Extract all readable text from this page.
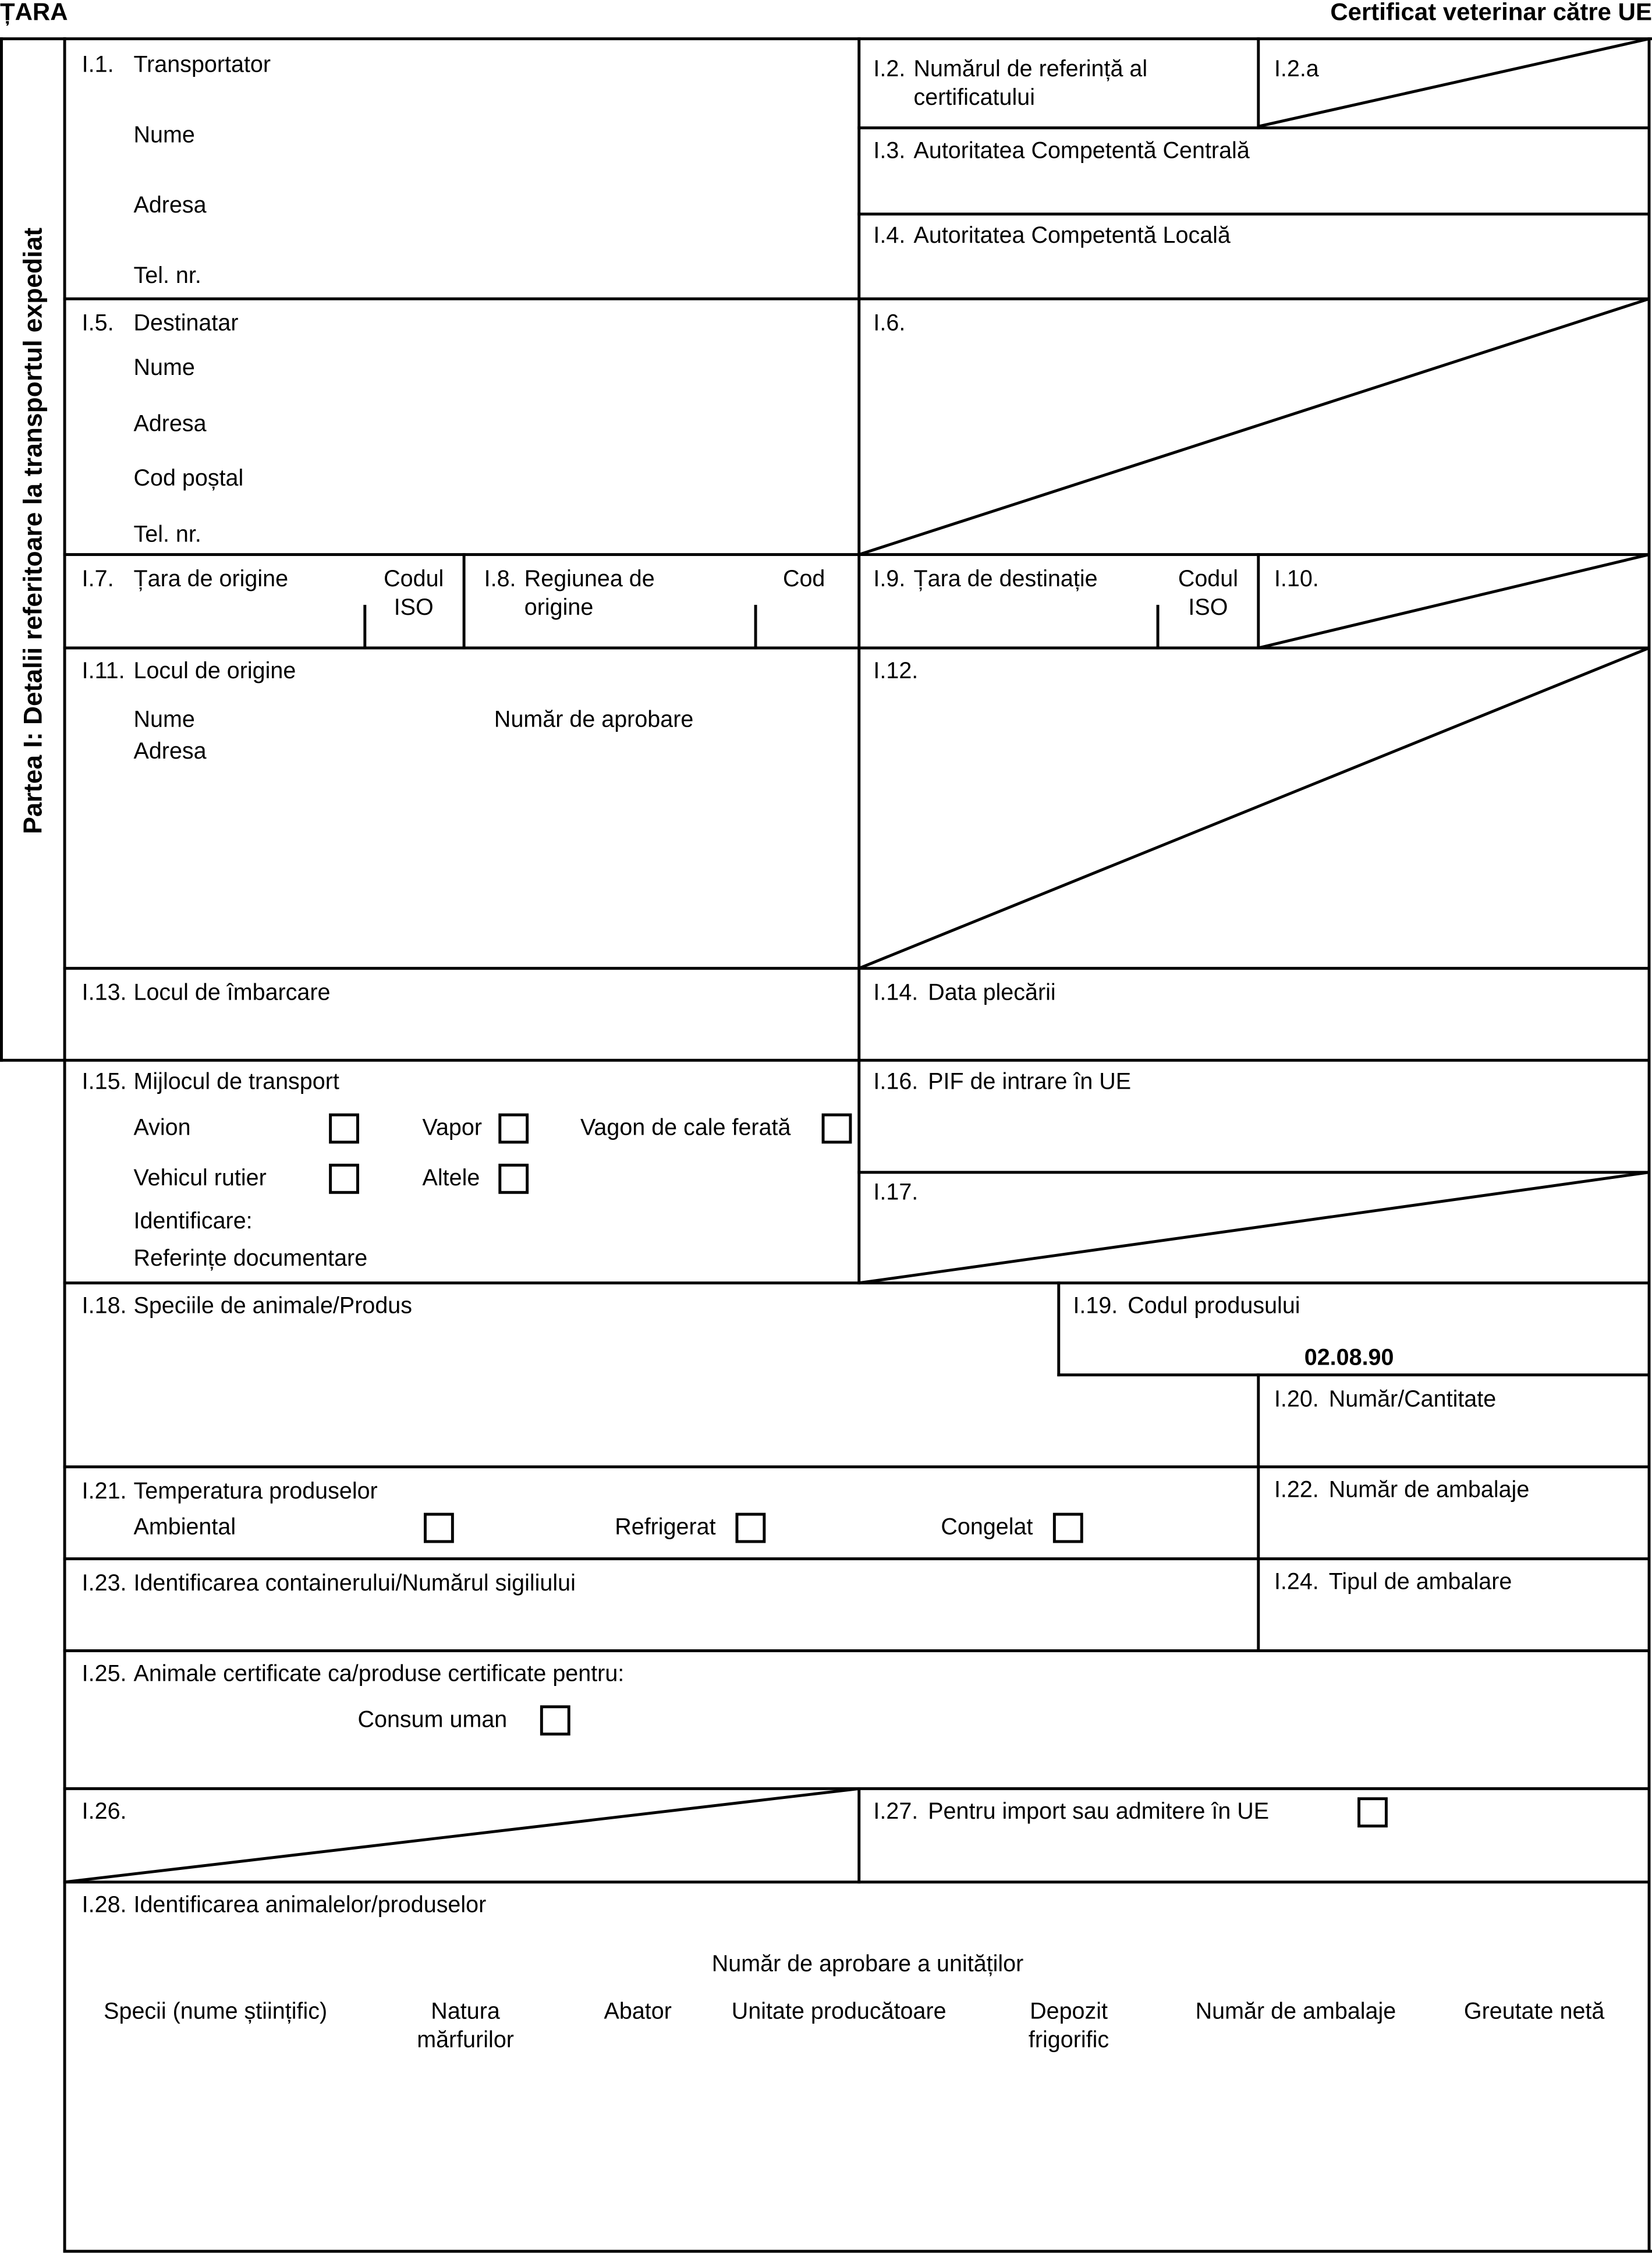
ȚARA	Certificat veterinar către UE
Partea I: Detalii referitoare la transportul expediat
I.1. Transportator
Nume
Adresa
Tel. nr.
I.2. Numărul de referință al
certificatului
I.2.a
I.3. Autoritatea Competentă Centrală
I.4. Autoritatea Competentă Locală
I.5. Destinatar
Nume
Adresa
Cod poștal
Tel. nr.
I.6.
I.7. Țara de origine	Codul
ISO
I.8. Regiunea de
origine
Cod	I.9. Țara de destinație	Codul
ISO
I.10.
I.11. Locul de origine
Nume	Număr de aprobare
Adresa
I.12.
I.13. Locul de îmbarcare	I.14. Data plecării
I.15. Mijlocul de transport
Avion	Vapor	Vagon de cale ferată
Vehicul rutier	Altele
Identificare:
Referințe documentare
I.16. PIF de intrare în UE
I.17.
I.18. Speciile de animale/Produs	I.19. Codul produsului
02.08.90
I.20. Număr/Cantitate
I.21. Temperatura produselor
Ambiental	Refrigerat	Congelat
I.22. Număr de ambalaje
I.23. Identificarea containerului/Numărul sigiliului	I.24. Tipul de ambalare
I.25. Animale certificate ca/produse certificate pentru:
Consum uman
I.26.	I.27. Pentru import sau admitere în UE
I.28. Identificarea animalelor/produselor
Număr de aprobare a unităților
Specii (nume științific)	Natura
mărfurilor
Abator	Unitate producătoare	Depozit
frigorific
Număr de ambalaje	Greutate netă
